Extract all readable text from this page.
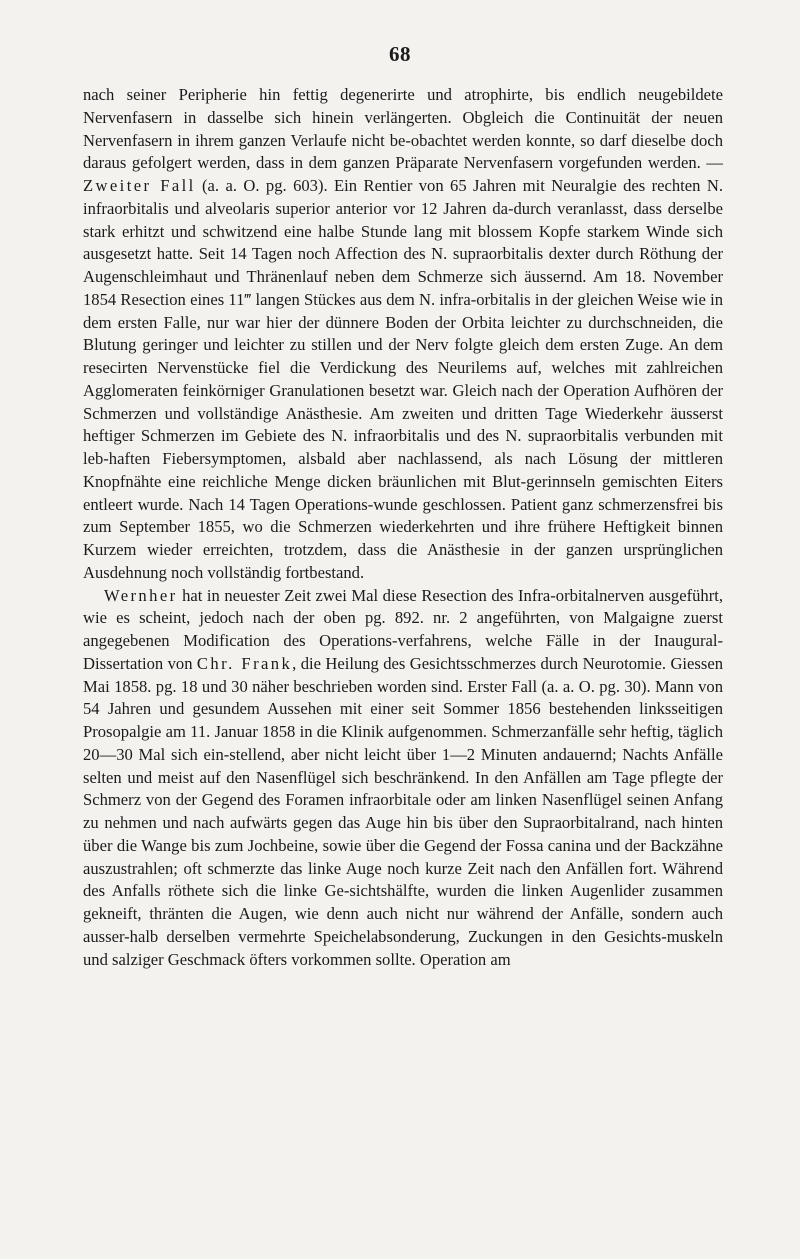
68

nach seiner Peripherie hin fettig degenerirte und atrophirte, bis endlich neugebildete Nervenfasern in dasselbe sich hinein verlängerten. Obgleich die Continuität der neuen Nervenfasern in ihrem ganzen Verlaufe nicht be-obachtet werden konnte, so darf dieselbe doch daraus gefolgert werden, dass in dem ganzen Präparate Nervenfasern vorgefunden werden. — Zweiter Fall (a. a. O. pg. 603). Ein Rentier von 65 Jahren mit Neuralgie des rechten N. infraorbitalis und alveolaris superior anterior vor 12 Jahren da-durch veranlasst, dass derselbe stark erhitzt und schwitzend eine halbe Stunde lang mit blossem Kopfe starkem Winde sich ausgesetzt hatte. Seit 14 Tagen noch Affection des N. supraorbitalis dexter durch Röthung der Augenschleimhaut und Thränenlauf neben dem Schmerze sich äussernd. Am 18. November 1854 Resection eines 11‴ langen Stückes aus dem N. infra-orbitalis in der gleichen Weise wie in dem ersten Falle, nur war hier der dünnere Boden der Orbita leichter zu durchschneiden, die Blutung geringer und leichter zu stillen und der Nerv folgte gleich dem ersten Zuge. An dem resecirten Nervenstücke fiel die Verdickung des Neurilems auf, welches mit zahlreichen Agglomeraten feinkörniger Granulationen besetzt war. Gleich nach der Operation Aufhören der Schmerzen und vollständige Anästhesie. Am zweiten und dritten Tage Wiederkehr äusserst heftiger Schmerzen im Gebiete des N. infraorbitalis und des N. supraorbitalis verbunden mit leb-haften Fiebersymptomen, alsbald aber nachlassend, als nach Lösung der mittleren Knopfnähte eine reichliche Menge dicken bräunlichen mit Blut-gerinnseln gemischten Eiters entleert wurde. Nach 14 Tagen Operations-wunde geschlossen. Patient ganz schmerzensfrei bis zum September 1855, wo die Schmerzen wiederkehrten und ihre frühere Heftigkeit binnen Kurzem wieder erreichten, trotzdem, dass die Anästhesie in der ganzen ursprünglichen Ausdehnung noch vollständig fortbestand.

Wernher hat in neuester Zeit zwei Mal diese Resection des Infra-orbitalnerven ausgeführt, wie es scheint, jedoch nach der oben pg. 892. nr. 2 angeführten, von Malgaigne zuerst angegebenen Modification des Operations-verfahrens, welche Fälle in der Inaugural-Dissertation von Chr. Frank, die Heilung des Gesichtsschmerzes durch Neurotomie. Giessen Mai 1858. pg. 18 und 30 näher beschrieben worden sind. Erster Fall (a. a. O. pg. 30). Mann von 54 Jahren und gesundem Aussehen mit einer seit Sommer 1856 bestehenden linksseitigen Prosopalgie am 11. Januar 1858 in die Klinik aufgenommen. Schmerzanfälle sehr heftig, täglich 20—30 Mal sich ein-stellend, aber nicht leicht über 1—2 Minuten andauernd; Nachts Anfälle selten und meist auf den Nasenflügel sich beschränkend. In den Anfällen am Tage pflegte der Schmerz von der Gegend des Foramen infraorbitale oder am linken Nasenflügel seinen Anfang zu nehmen und nach aufwärts gegen das Auge hin bis über den Supraorbitalrand, nach hinten über die Wange bis zum Jochbeine, sowie über die Gegend der Fossa canina und der Backzähne auszustrahlen; oft schmerzte das linke Auge noch kurze Zeit nach den Anfällen fort. Während des Anfalls röthete sich die linke Ge-sichtshälfte, wurden die linken Augenlider zusammen gekneift, thränten die Augen, wie denn auch nicht nur während der Anfälle, sondern auch ausser-halb derselben vermehrte Speichelabsonderung, Zuckungen in den Gesichts-muskeln und salziger Geschmack öfters vorkommen sollte. Operation am
